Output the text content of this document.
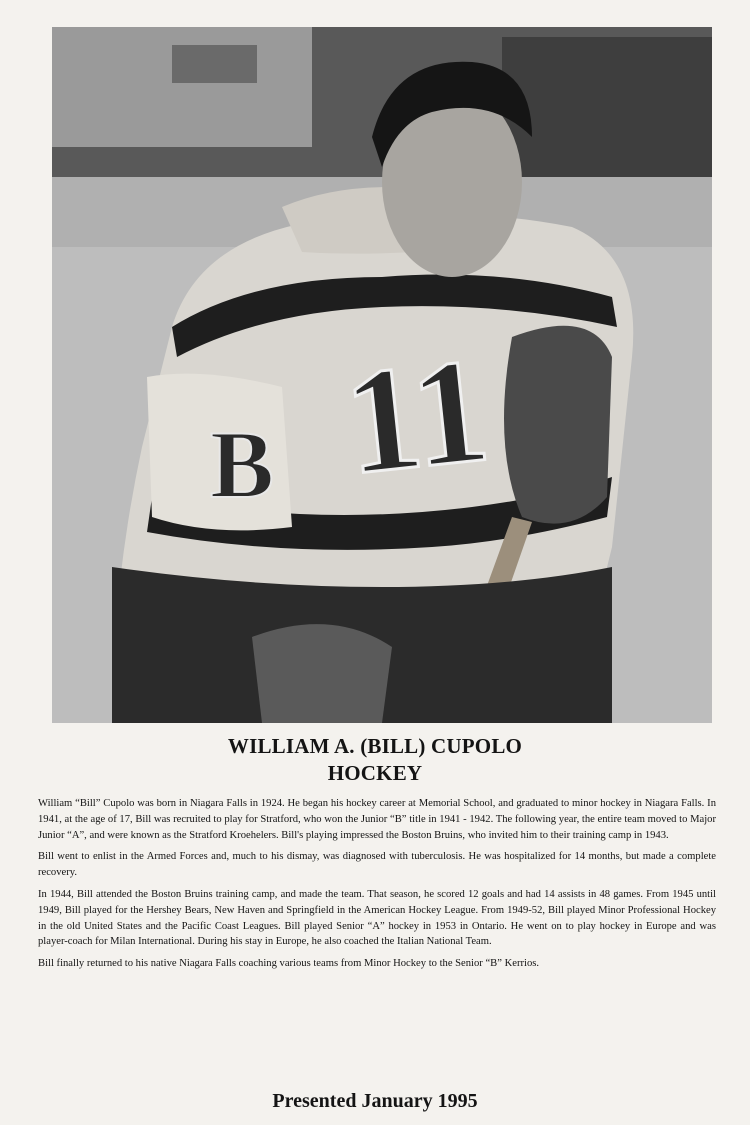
B 11
WILLIAM A. (BILL) CUPOLO
HOCKEY

William “Bill” Cupolo was born in Niagara Falls in 1924. He began his hockey career at Memorial School, and graduated to minor hockey in Niagara Falls. In 1941, at the age of 17, Bill was recruited to play for Stratford, who won the Junior “B” title in 1941 - 1942. The following year, the entire team moved to Major Junior “A”, and were known as the Stratford Kroehelers. Bill's playing impressed the Boston Bruins, who invited him to their training camp in 1943.

Bill went to enlist in the Armed Forces and, much to his dismay, was diagnosed with tuberculosis. He was hospitalized for 14 months, but made a complete recovery.

In 1944, Bill attended the Boston Bruins training camp, and made the team. That season, he scored 12 goals and had 14 assists in 48 games. From 1945 until 1949, Bill played for the Hershey Bears, New Haven and Springfield in the American Hockey League. From 1949-52, Bill played Minor Professional Hockey in the old United States and the Pacific Coast Leagues. Bill played Senior “A” hockey in 1953 in Ontario. He went on to play hockey in Europe and was player-coach for Milan International. During his stay in Europe, he also coached the Italian National Team.

Bill finally returned to his native Niagara Falls coaching various teams from Minor Hockey to the Senior “B” Kerrios.

Presented January 1995
